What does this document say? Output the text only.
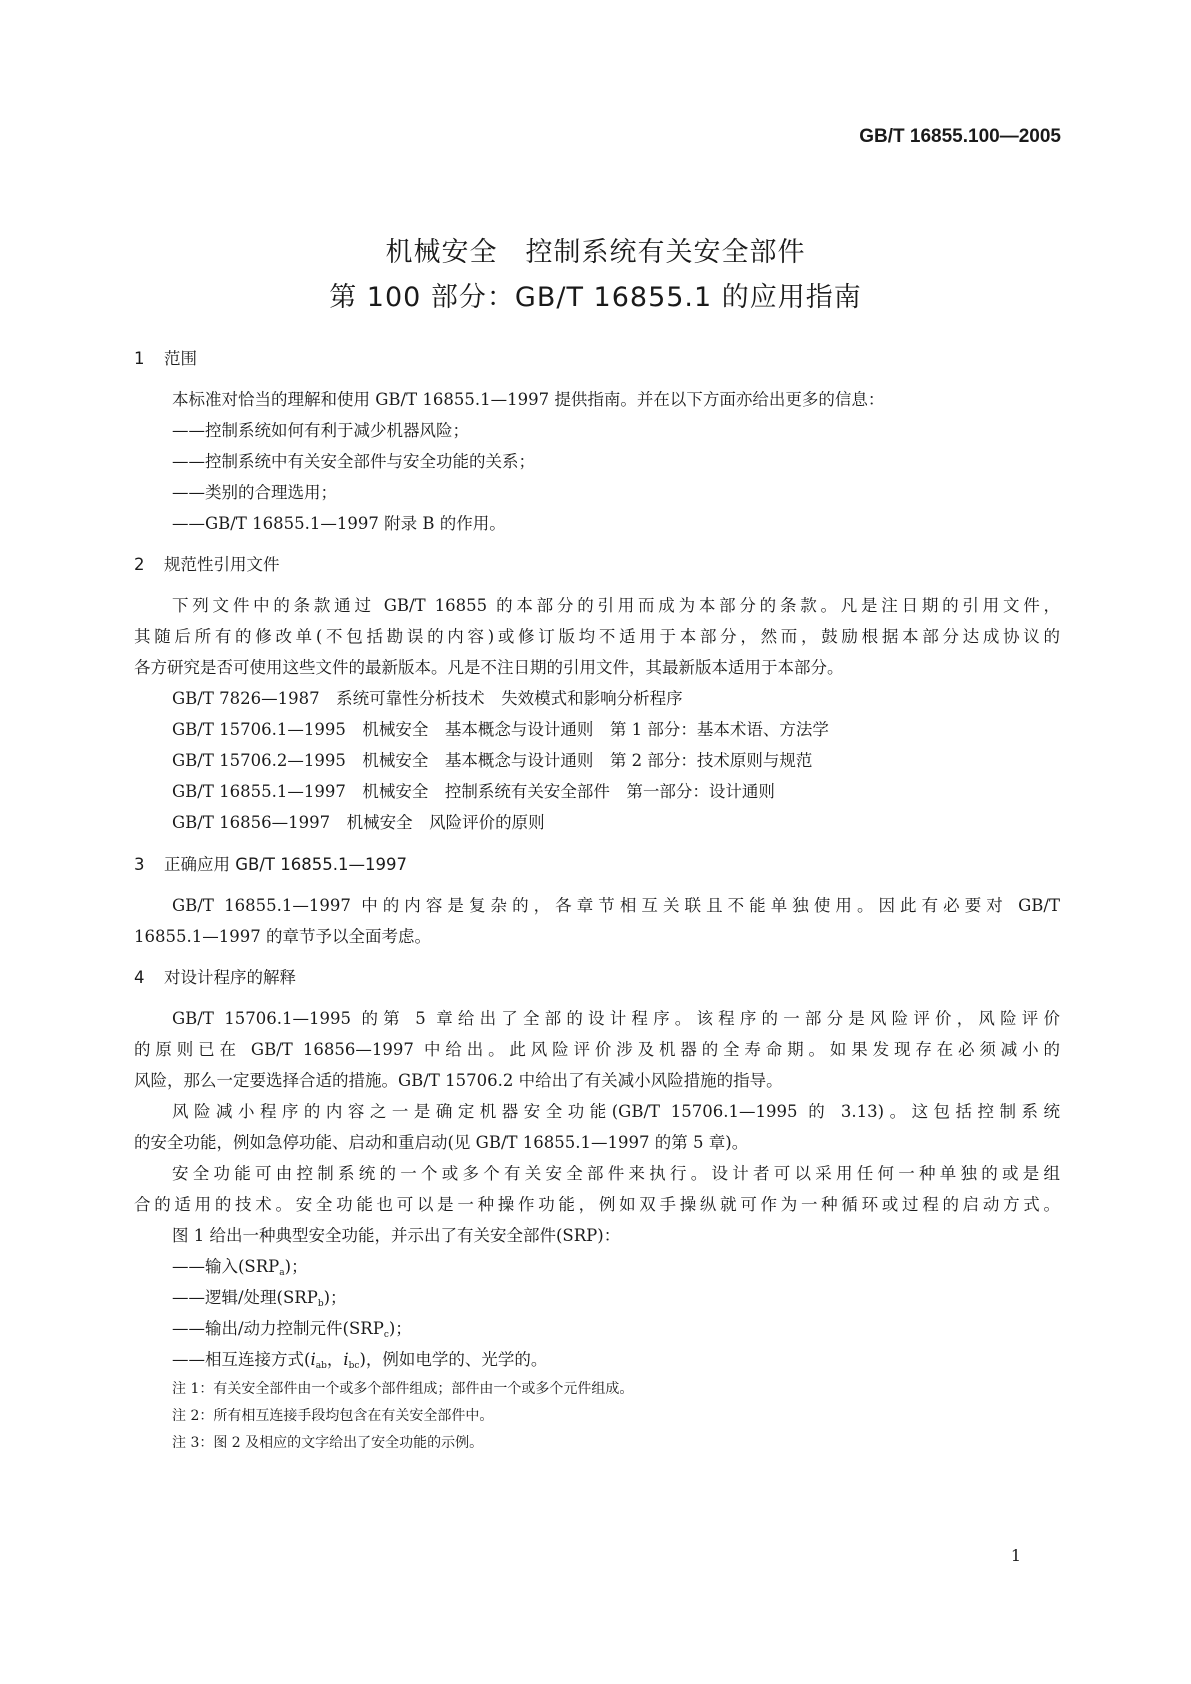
GB/T 16855.100—2005
机械安全　控制系统有关安全部件
第 100 部分：GB/T 16855.1 的应用指南
1 范围
本标准对恰当的理解和使用 GB/T 16855.1—1997 提供指南。并在以下方面亦给出更多的信息：
——控制系统如何有利于减少机器风险；
——控制系统中有关安全部件与安全功能的关系；
——类别的合理选用；
——GB/T 16855.1—1997 附录 B 的作用。
2 规范性引用文件
下列文件中的条款通过 GB/T 16855 的本部分的引用而成为本部分的条款。凡是注日期的引用文件，
其随后所有的修改单(不包括勘误的内容)或修订版均不适用于本部分，然而，鼓励根据本部分达成协议的
各方研究是否可使用这些文件的最新版本。凡是不注日期的引用文件，其最新版本适用于本部分。
GB/T 7826—1987　系统可靠性分析技术　失效模式和影响分析程序
GB/T 15706.1—1995　机械安全　基本概念与设计通则　第 1 部分：基本术语、方法学
GB/T 15706.2—1995　机械安全　基本概念与设计通则　第 2 部分：技术原则与规范
GB/T 16855.1—1997　机械安全　控制系统有关安全部件　第一部分：设计通则
GB/T 16856—1997　机械安全　风险评价的原则
3 正确应用 GB/T 16855.1—1997
GB/T 16855.1—1997 中的内容是复杂的，各章节相互关联且不能单独使用。因此有必要对 GB/T
16855.1—1997 的章节予以全面考虑。
4 对设计程序的解释
GB/T 15706.1—1995 的第 5 章给出了全部的设计程序。该程序的一部分是风险评价，风险评价
的原则已在 GB/T 16856—1997 中给出。此风险评价涉及机器的全寿命期。如果发现存在必须减小的
风险，那么一定要选择合适的措施。GB/T 15706.2 中给出了有关减小风险措施的指导。
风险减小程序的内容之一是确定机器安全功能(GB/T 15706.1—1995 的 3.13)。这包括控制系统
的安全功能，例如急停功能、启动和重启动(见 GB/T 16855.1—1997 的第 5 章)。
安全功能可由控制系统的一个或多个有关安全部件来执行。设计者可以采用任何一种单独的或是组
合的适用的技术。安全功能也可以是一种操作功能，例如双手操纵就可作为一种循环或过程的启动方式。
图 1 给出一种典型安全功能，并示出了有关安全部件(SRP)：
——输入$(SRP_a)$；
——逻辑/处理$(SRP_b)$；
——输出/动力控制元件$(SRP_c)$；
——相互连接方式($i_{ab}$，$i_{bc}$)，例如电学的、光学的。
注 1：有关安全部件由一个或多个部件组成；部件由一个或多个元件组成。
注 2：所有相互连接手段均包含在有关安全部件中。
注 3：图 2 及相应的文字给出了安全功能的示例。
1
